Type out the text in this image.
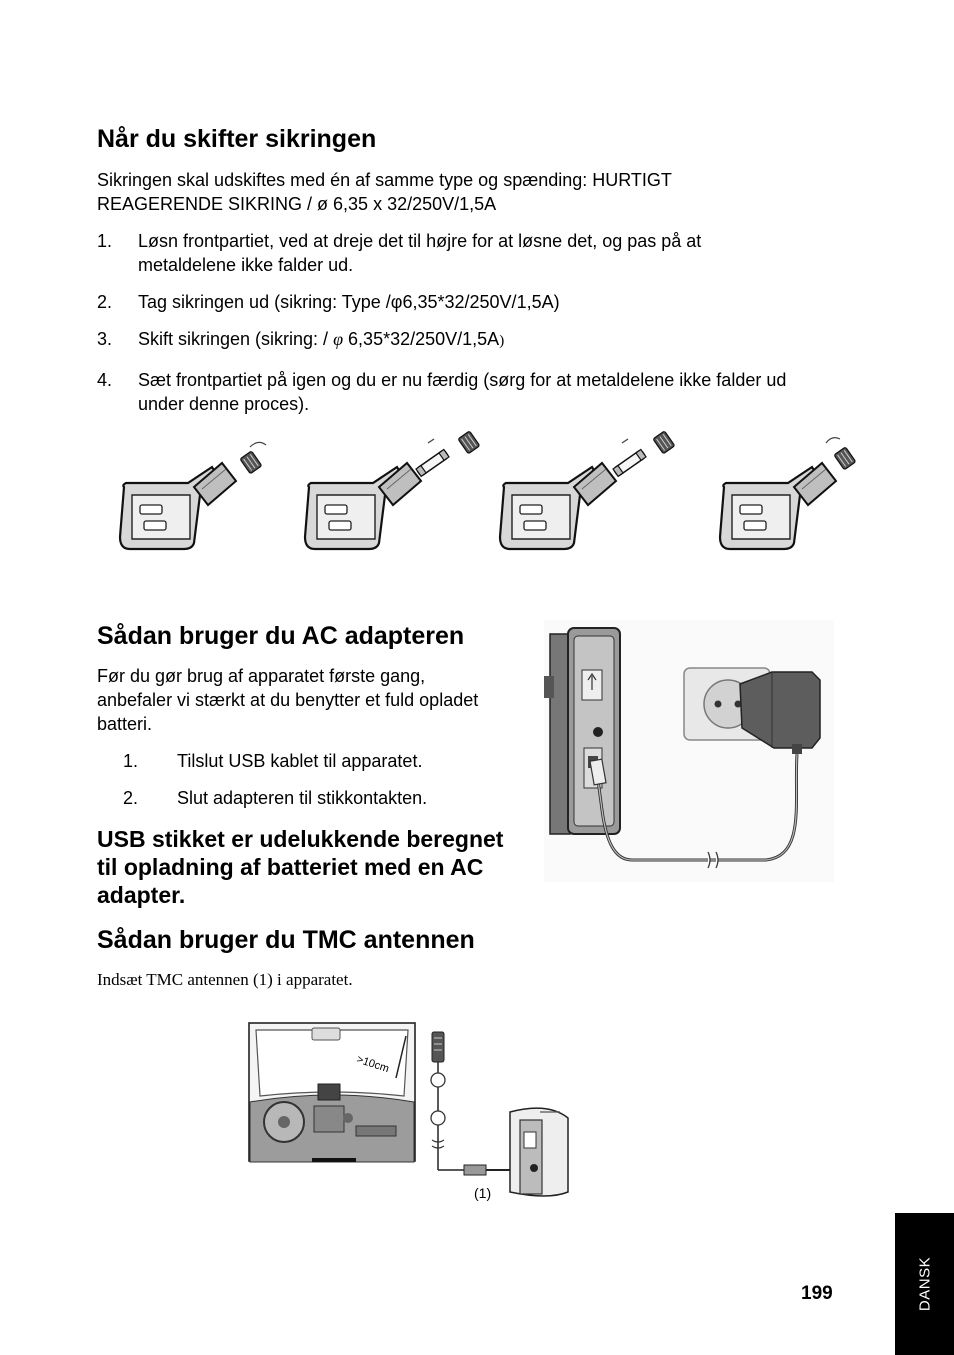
Når du skifter sikringen
Sikringen skal udskiftes med én af samme type og spænding: HURTIGT REAGERENDE SIKRING / ø 6,35 x 32/250V/1,5A
1. Løsn frontpartiet, ved at dreje det til højre for at løsne det, og pas på at metaldelene ikke falder ud.
2. Tag sikringen ud (sikring: Type /φ6,35*32/250V/1,5A)
3. Skift sikringen (sikring: / φ 6,35*32/250V/1,5A)
4. Sæt frontpartiet på igen og du er nu færdig (sørg for at metaldelene ikke falder ud under denne proces).
Sådan bruger du AC adapteren
Før du gør brug af apparatet første gang, anbefaler vi stærkt at du benytter et fuld opladet batteri.
1. Tilslut USB kablet til apparatet.
2. Slut adapteren til stikkontakten.
USB stikket er udelukkende beregnet til opladning af batteriet med en AC adapter.
Sådan bruger du TMC antennen
Indsæt TMC antennen (1) i apparatet.
>10cm
(1)
199	DANSK
